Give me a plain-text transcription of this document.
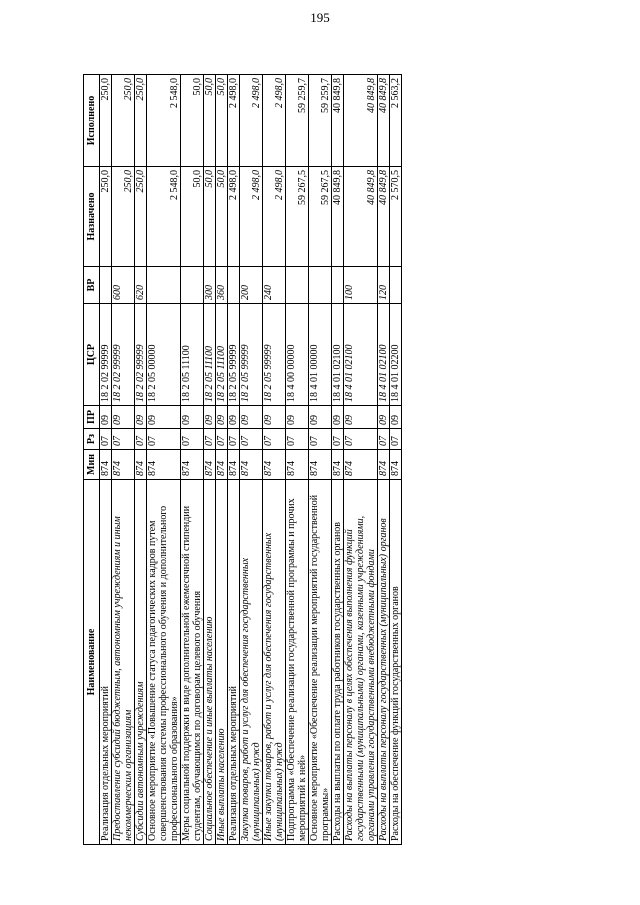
195
Наименование	Мин	Рз	ПР	ЦСР	ВР	Назначено	Исполнено
Реализация отдельных мероприятий	874	07	09	18 2 02 99999		250,0	250,0
Предоставление субсидий бюджетным, автономным учреждениям и иным некоммерческим организациям	874	07	09	18 2 02 99999	600	250,0	250,0
Субсидии автономным учреждениям	874	07	09	18 2 02 99999	620	250,0	250,0
Основное мероприятие «Повышение статуса педагогических кадров путем совершенствования системы профессионального обучения и дополнительного профессионального образования»	874	07	09	18 2 05 00000		2 548,0	2 548,0
Меры социальной поддержки в виде дополнительной ежемесячной стипендии студентам, обучающимся по договорам целевого обучения	874	07	09	18 2 05 11100		50,0	50,0
Социальное обеспечение и иные выплаты населению	874	07	09	18 2 05 11100	300	50,0	50,0
Иные выплаты населению	874	07	09	18 2 05 11100	360	50,0	50,0
Реализация отдельных мероприятий	874	07	09	18 2 05 99999		2 498,0	2 498,0
Закупка товаров, работ и услуг для обеспечения государственных (муниципальных) нужд	874	07	09	18 2 05 99999	200	2 498,0	2 498,0
Иные закупки товаров, работ и услуг для обеспечения государственных (муниципальных) нужд	874	07	09	18 2 05 99999	240	2 498,0	2 498,0
Подпрограмма «Обеспечение реализации государственной программы и прочих мероприятий к ней»	874	07	09	18 4 00 00000		59 267,5	59 259,7
Основное мероприятие «Обеспечение реализации мероприятий государственной программы»	874	07	09	18 4 01 00000		59 267,5	59 259,7
Расходы на выплаты по оплате труда работников государственных органов	874	07	09	18 4 01 02100		40 849,8	40 849,8
Расходы на выплаты персоналу в целях обеспечения выполнения функций государственными (муниципальными) органами, казенными учреждениями, органами управления государственными внебюджетными фондами	874	07	09	18 4 01 02100	100	40 849,8	40 849,8
Расходы на выплаты персоналу государственных (муниципальных) органов	874	07	09	18 4 01 02100	120	40 849,8	40 849,8
Расходы на обеспечение функций государственных органов	874	07	09	18 4 01 02200		2 570,5	2 563,2
